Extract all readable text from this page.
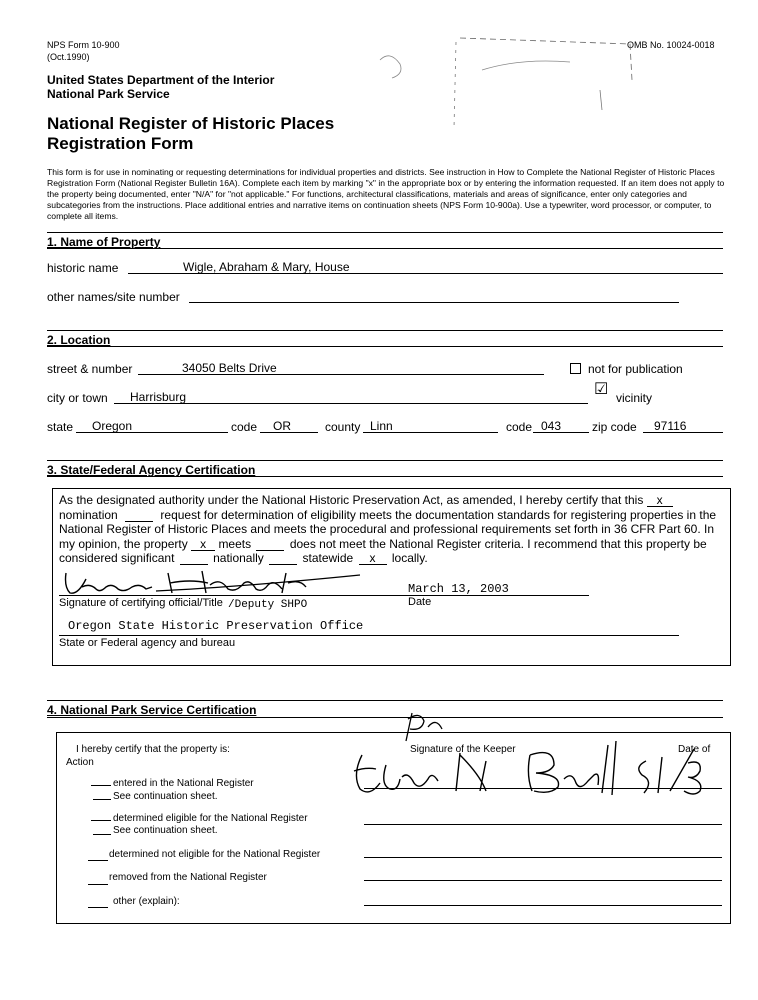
NPS Form 10-900
(Oct.1990)
OMB No. 10024-0018
United States Department of the Interior
National Park Service
National Register of Historic Places
Registration Form
This form is for use in nominating or requesting determinations for individual properties and districts. See instruction in How to Complete the National Register of Historic Places Registration Form (National Register Bulletin 16A). Complete each item by marking "x" in the appropriate box or by entering the information requested. If an item does not apply to the property being documented, enter "N/A" for "not applicable." For functions, architectural classifications, materials and areas of significance, enter only categories and subcategories from the instructions. Place additional entries and narrative items on continuation sheets (NPS Form 10-900a). Use a typewriter, word processor, or computer, to complete all items.
1. Name of Property
historic name	Wigle, Abraham & Mary, House
other names/site number
2. Location
street & number	34050 Belts Drive	not for publication
city or town Harrisburg	☑ vicinity
state Oregon	code OR	county Linn	code 043	zip code 97116
3. State/Federal Agency Certification
As the designated authority under the National Historic Preservation Act, as amended, I hereby certify that this x
nomination	request for determination of eligibility meets the documentation standards for registering properties in the National Register of Historic Places and meets the procedural and professional requirements set forth in 36 CFR Part 60. In my opinion, the property x meets	does not meet the National Register criteria. I recommend that this property be considered significant	nationally	statewide x locally.
March 13, 2003
Signature of certifying official/Title /Deputy SHPO	Date
Oregon State Historic Preservation Office
State or Federal agency and bureau
4. National Park Service Certification
I hereby certify that the property is:
Action
Signature of the Keeper	Date of
entered in the National Register
See continuation sheet.
determined eligible for the National Register
See continuation sheet.
determined not eligible for the National Register
removed from the National Register
other (explain):
